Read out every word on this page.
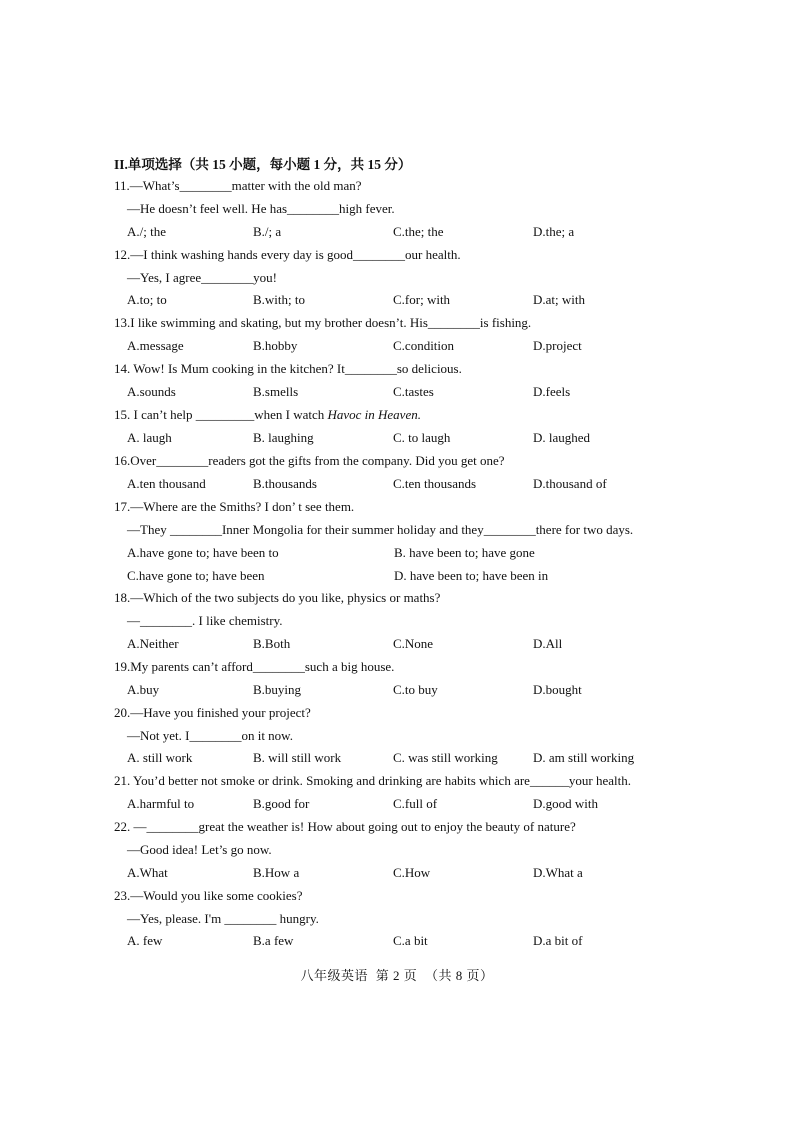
II.单项选择（共 15 小题，每小题 1 分，共 15 分）
11.—What’s________matter with the old man?
—He doesn’t feel well. He has________high fever.
A./; the	B./; a	C.the; the	D.the; a
12.—I think washing hands every day is good________our health.
—Yes, I agree________you!
A.to; to	B.with; to	C.for; with	D.at; with
13.I like swimming and skating, but my brother doesn’t. His________is fishing.
A.message	B.hobby	C.condition	D.project
14. Wow! Is Mum cooking in the kitchen? It________so delicious.
A.sounds	B.smells	C.tastes	D.feels
15. I can’t help _________when I watch Havoc in Heaven.
A. laugh	B. laughing	C. to laugh	D. laughed
16.Over________readers got the gifts from the company. Did you get one?
A.ten thousand	B.thousands	C.ten thousands	D.thousand of
17.—Where are the Smiths? I don’ t see them.
—They ________Inner Mongolia for their summer holiday and they________there for two days.
A.have gone to; have been to	B. have been to; have gone
C.have gone to; have been	D. have been to; have been in
18.—Which of the two subjects do you like, physics or maths?
—________. I like chemistry.
A.Neither	B.Both	C.None	D.All
19.My parents can’t afford________such a big house.
A.buy	B.buying	C.to buy	D.bought
20.—Have you finished your project?
—Not yet. I________on it now.
A. still work	B. will still work	C. was still working	D. am still working
21. You’d better not smoke or drink. Smoking and drinking are habits which are______your health.
A.harmful to	B.good for	C.full of	D.good with
22. —________great the weather is! How about going out to enjoy the beauty of nature?
—Good idea! Let’s go now.
A.What	B.How a	C.How	D.What a
23.—Would you like some cookies?
—Yes, please. I'm ________ hungry.
A. few	B.a few	C.a bit	D.a bit of
八年级英语 第 2 页 （共 8 页）
